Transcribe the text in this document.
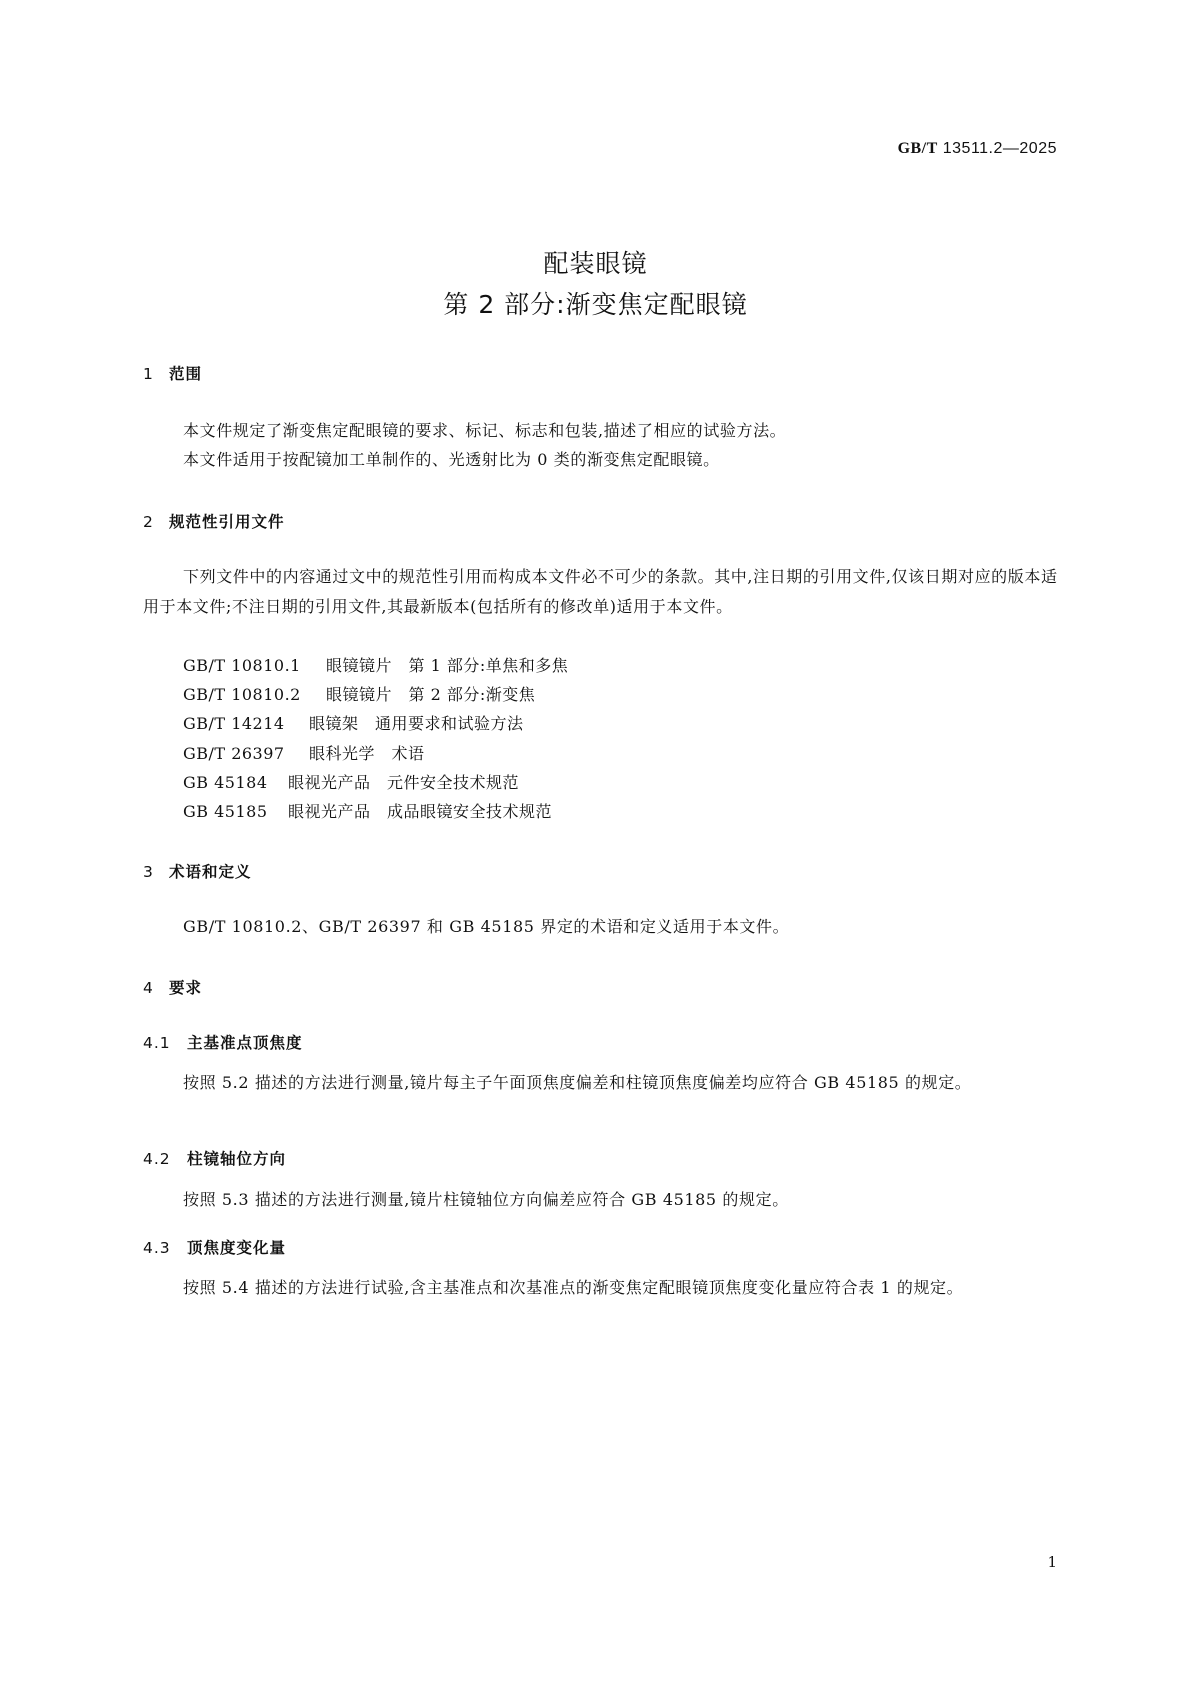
GB/T 13511.2—2025
配装眼镜
第 2 部分:渐变焦定配眼镜
1 范围
本文件规定了渐变焦定配眼镜的要求、标记、标志和包装,描述了相应的试验方法。
本文件适用于按配镜加工单制作的、光透射比为 0 类的渐变焦定配眼镜。
2 规范性引用文件
下列文件中的内容通过文中的规范性引用而构成本文件必不可少的条款。其中,注日期的引用文件,仅该日期对应的版本适用于本文件;不注日期的引用文件,其最新版本(包括所有的修改单)适用于本文件。
GB/T 10810.1 眼镜镜片　第 1 部分:单焦和多焦
GB/T 10810.2 眼镜镜片　第 2 部分:渐变焦
GB/T 14214 眼镜架　通用要求和试验方法
GB/T 26397 眼科光学　术语
GB 45184 眼视光产品　元件安全技术规范
GB 45185 眼视光产品　成品眼镜安全技术规范
3 术语和定义
GB/T 10810.2、GB/T 26397 和 GB 45185 界定的术语和定义适用于本文件。
4 要求
4.1 主基准点顶焦度
按照 5.2 描述的方法进行测量,镜片每主子午面顶焦度偏差和柱镜顶焦度偏差均应符合 GB 45185 的规定。
4.2 柱镜轴位方向
按照 5.3 描述的方法进行测量,镜片柱镜轴位方向偏差应符合 GB 45185 的规定。
4.3 顶焦度变化量
按照 5.4 描述的方法进行试验,含主基准点和次基准点的渐变焦定配眼镜顶焦度变化量应符合表 1 的规定。
1
